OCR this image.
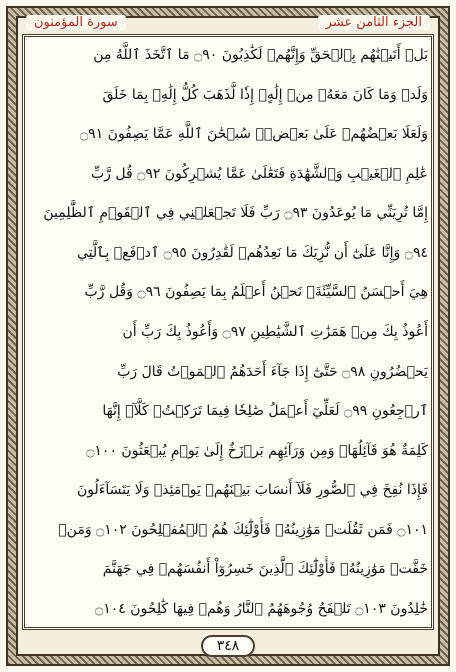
الجزء الثامن عشر
سورة المؤمنون
بَلۡ أَتَيۡنَٰهُم بِٱلۡحَقِّ وَإِنَّهُمۡ لَكَٰذِبُونَ ۝٩٠ مَا ٱتَّخَذَ ٱللَّهُ مِن
وَلَدٖ وَمَا كَانَ مَعَهُۥ مِنۡ إِلَٰهٍۚ إِذٗا لَّذَهَبَ كُلُّ إِلَٰهِۭ بِمَا خَلَقَ
وَلَعَلَا بَعۡضُهُمۡ عَلَىٰ بَعۡضٖۚ سُبۡحَٰنَ ٱللَّهِ عَمَّا يَصِفُونَ ۝٩١
عَٰلِمِ ٱلۡغَيۡبِ وَٱلشَّهَٰدَةِ فَتَعَٰلَىٰ عَمَّا يُشۡرِكُونَ ۝٩٢ قُل رَّبِّ
إِمَّا تُرِيَنِّي مَا يُوعَدُونَ ۝٩٣ رَبِّ فَلَا تَجۡعَلۡنِي فِي ٱلۡقَوۡمِ ٱلظَّٰلِمِينَ
۝٩٤ وَإِنَّا عَلَىٰٓ أَن نُّرِيَكَ مَا نَعِدُهُمۡ لَقَٰدِرُونَ ۝٩٥ ٱدۡفَعۡ بِٱلَّتِي
هِيَ أَحۡسَنُ ٱلسَّيِّئَةَۚ نَحۡنُ أَعۡلَمُ بِمَا يَصِفُونَ ۝٩٦ وَقُل رَّبِّ
أَعُوذُ بِكَ مِنۡ هَمَزَٰتِ ٱلشَّيَٰطِينِ ۝٩٧ وَأَعُوذُ بِكَ رَبِّ أَن
يَحۡضُرُونِ ۝٩٨ حَتَّىٰٓ إِذَا جَآءَ أَحَدَهُمُ ٱلۡمَوۡتُ قَالَ رَبِّ
ٱرۡجِعُونِ ۝٩٩ لَعَلِّيٓ أَعۡمَلُ صَٰلِحٗا فِيمَا تَرَكۡتُۚ كَلَّآۚ إِنَّهَا
كَلِمَةٌ هُوَ قَآئِلُهَاۖ وَمِن وَرَآئِهِم بَرۡزَخٌ إِلَىٰ يَوۡمِ يُبۡعَثُونَ ۝١٠٠
فَإِذَا نُفِخَ فِي ٱلصُّورِ فَلَآ أَنسَابَ بَيۡنَهُمۡ يَوۡمَئِذٖ وَلَا يَتَسَآءَلُونَ
۝١٠١ فَمَن ثَقُلَتۡ مَوَٰزِينُهُۥ فَأُوْلَٰٓئِكَ هُمُ ٱلۡمُفۡلِحُونَ ۝١٠٢ وَمَنۡ
خَفَّتۡ مَوَٰزِينُهُۥ فَأُوْلَٰٓئِكَ ٱلَّذِينَ خَسِرُوٓاْ أَنفُسَهُمۡ فِي جَهَنَّمَ
خَٰلِدُونَ ۝١٠٣ تَلۡفَحُ وُجُوهَهُمُ ٱلنَّارُ وَهُمۡ فِيهَا كَٰلِحُونَ ۝١٠٤
٣٤٨
